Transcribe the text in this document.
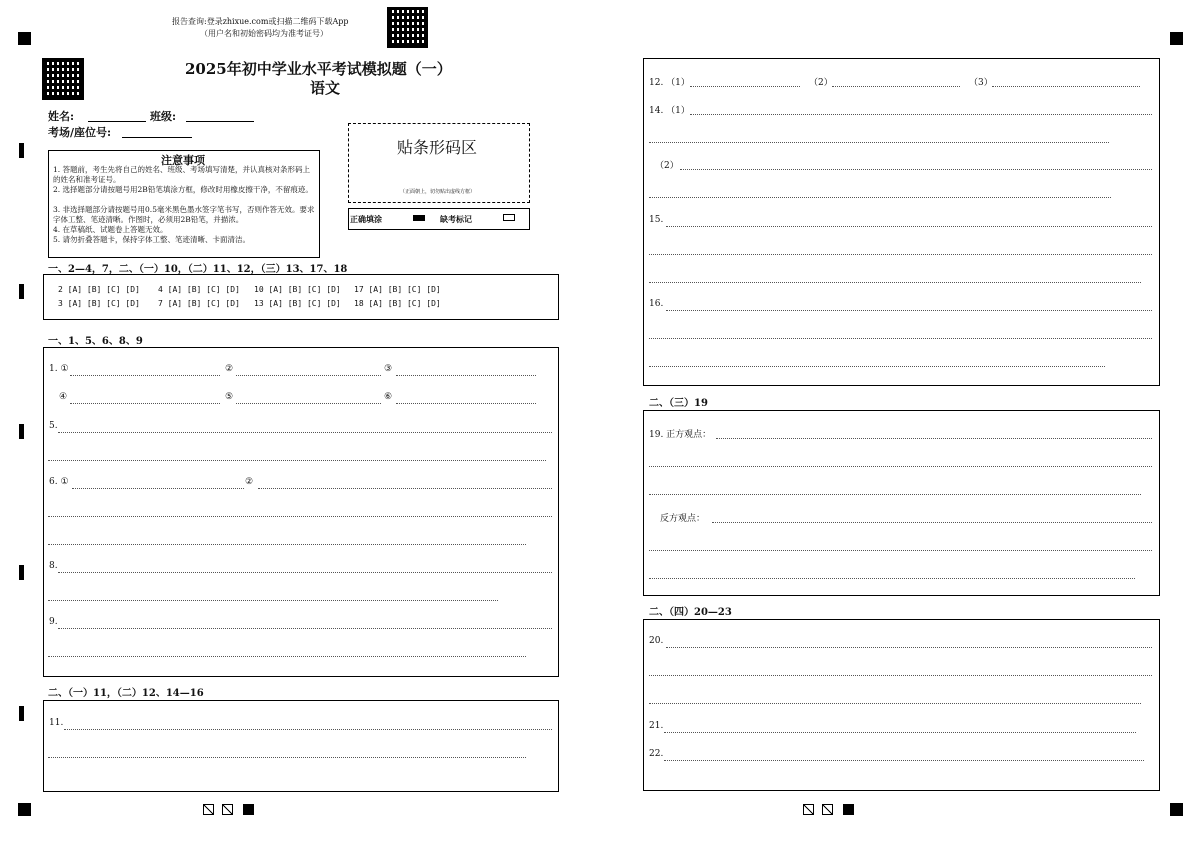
报告查询:登录zhixue.com或扫描二维码下载App
（用户名和初始密码均为准考证号）
2025年初中学业水平考试模拟题（一）
语文
姓名:	班级:
考场/座位号:
注意事项
1. 答题前，考生先将自己的姓名、班级、考场填写清楚，并认真核对条形码上的姓名和准考证号。
2. 选择题部分请按题号用2B铅笔填涂方框，修改时用橡皮擦干净，不留痕迹。
3. 非选择题部分请按题号用0.5毫米黑色墨水签字笔书写，否则作答无效。要求字体工整、笔迹清晰。作图时，必须用2B铅笔，并描浓。
4. 在草稿纸、试题卷上答题无效。
5. 请勿折叠答题卡，保持字体工整、笔迹清晰、卡面清洁。
贴条形码区
（正面朝上，切勿贴出虚线方框）
正确填涂	缺考标记
一、2—4，7，二、（一）10，（二）11、12，（三）13、17、18
2 [A] [B] [C] [D] 4 [A] [B] [C] [D] 10 [A] [B] [C] [D] 17 [A] [B] [C] [D]
3 [A] [B] [C] [D] 7 [A] [B] [C] [D] 13 [A] [B] [C] [D] 18 [A] [B] [C] [D]
一、1、5、6、8、9
1. ①	②	③
④	⑤	⑥
5.
6. ①	②
8.
9.
二、（一）11，（二）12、14—16
11.
12. （1）	（2）	（3）
14. （1）
（2）
15.
16.
二、（三）19
19. 正方观点：
反方观点：
二、（四）20—23
20.
21.
22.
